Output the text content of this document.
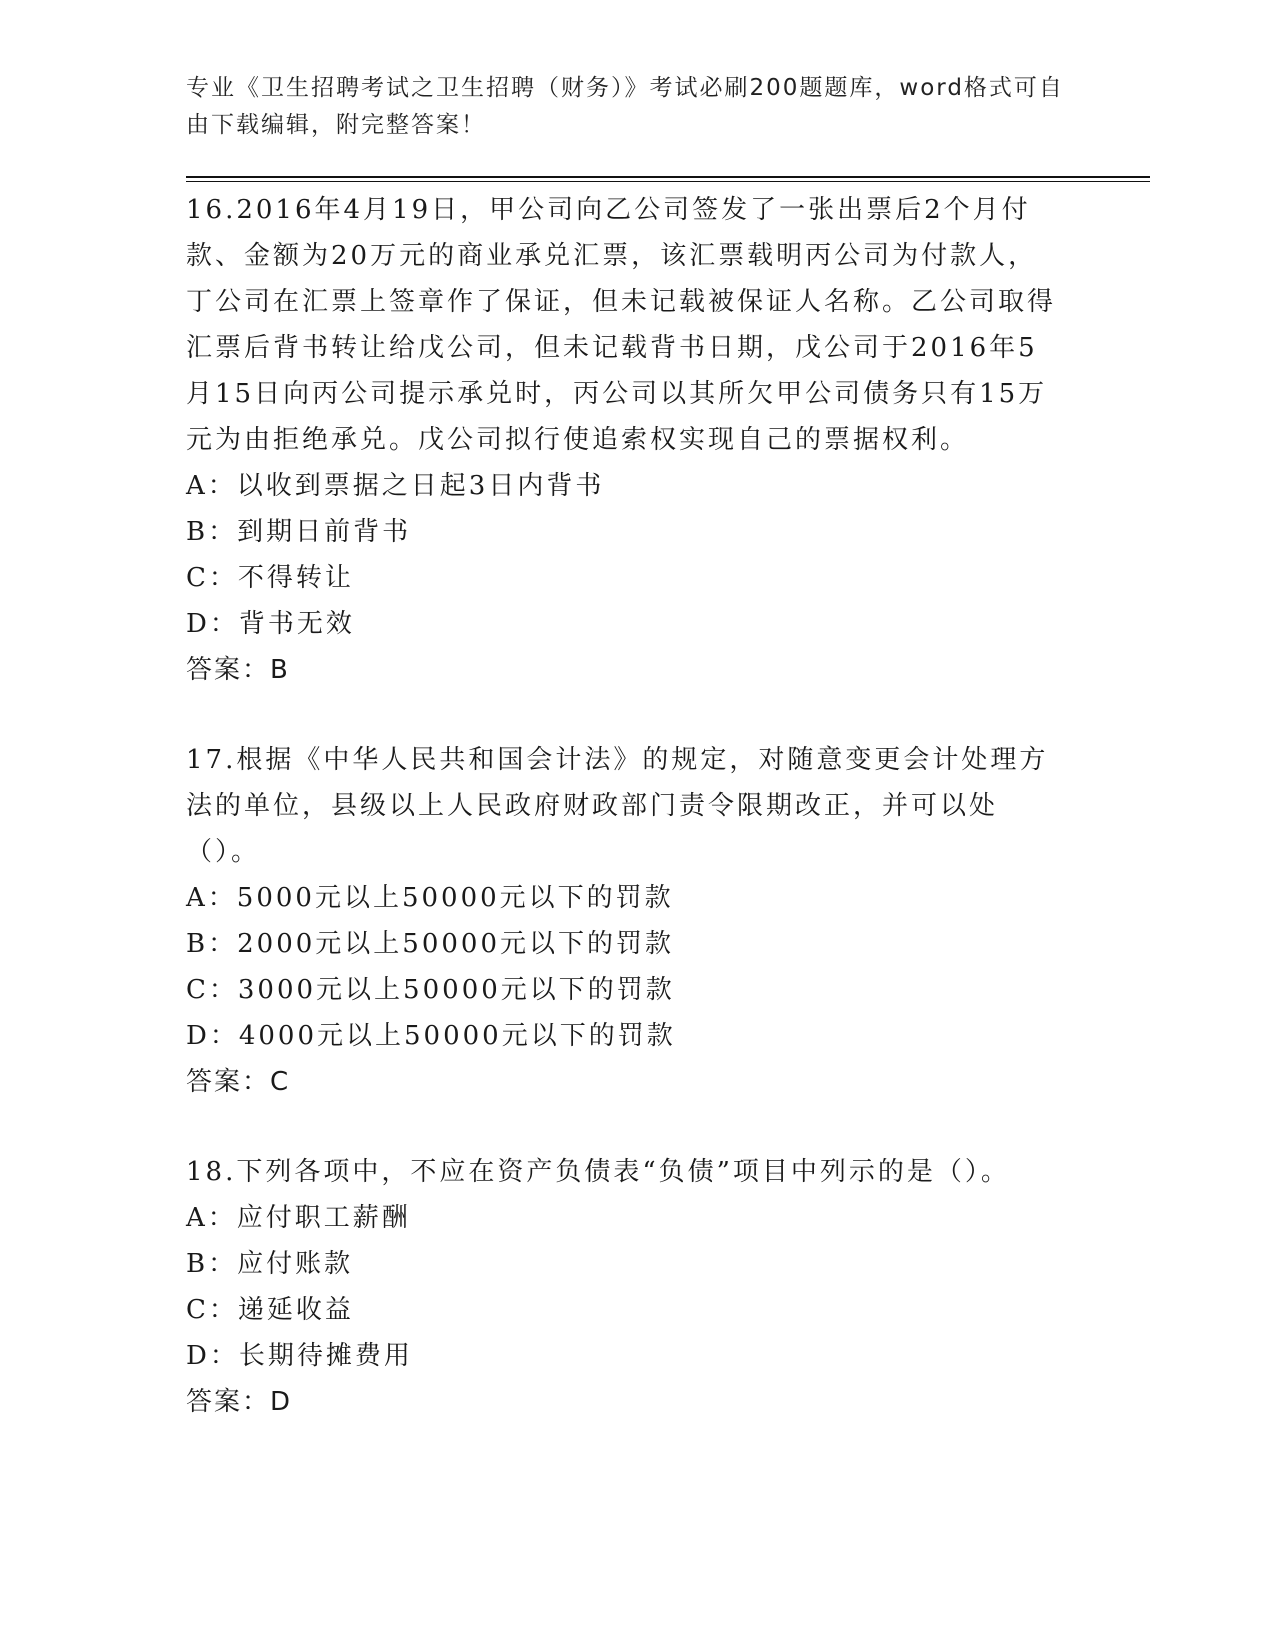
专业《卫生招聘考试之卫生招聘（财务）》考试必刷200题题库，word格式可自由下载编辑，附完整答案！

16.2016年4月19日，甲公司向乙公司签发了一张出票后2个月付款、金额为20万元的商业承兑汇票，该汇票载明丙公司为付款人，丁公司在汇票上签章作了保证，但未记载被保证人名称。乙公司取得汇票后背书转让给戊公司，但未记载背书日期，戊公司于2016年5月15日向丙公司提示承兑时，丙公司以其所欠甲公司债务只有15万元为由拒绝承兑。戊公司拟行使追索权实现自己的票据权利。

A：以收到票据之日起3日内背书

B：到期日前背书

C：不得转让

D：背书无效

答案：B

17.根据《中华人民共和国会计法》的规定，对随意变更会计处理方法的单位，县级以上人民政府财政部门责令限期改正，并可以处（）。

A：5000元以上50000元以下的罚款

B：2000元以上50000元以下的罚款

C：3000元以上50000元以下的罚款

D：4000元以上50000元以下的罚款

答案：C

18.下列各项中，不应在资产负债表“负债”项目中列示的是（）。

A：应付职工薪酬

B：应付账款

C：递延收益

D：长期待摊费用

答案：D
